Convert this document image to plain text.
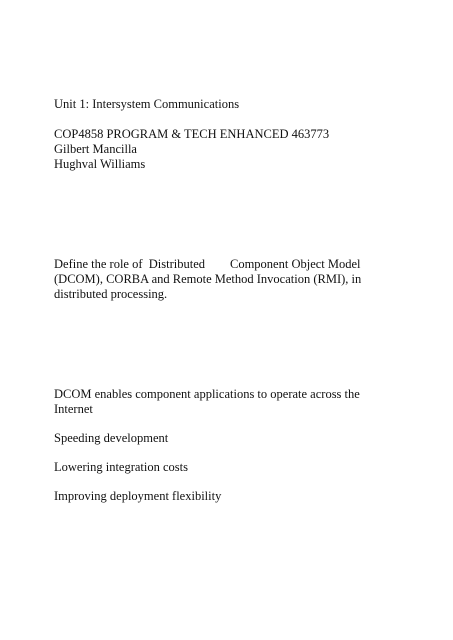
Unit 1: Intersystem Communications
COP4858 PROGRAM & TECH ENHANCED 463773
Gilbert Mancilla
Hughval Williams
Define the role of  Distributed        Component Object Model
(DCOM), CORBA and Remote Method Invocation (RMI), in
distributed processing.
DCOM enables component applications to operate across the
Internet
Speeding development
Lowering integration costs
Improving deployment flexibility
